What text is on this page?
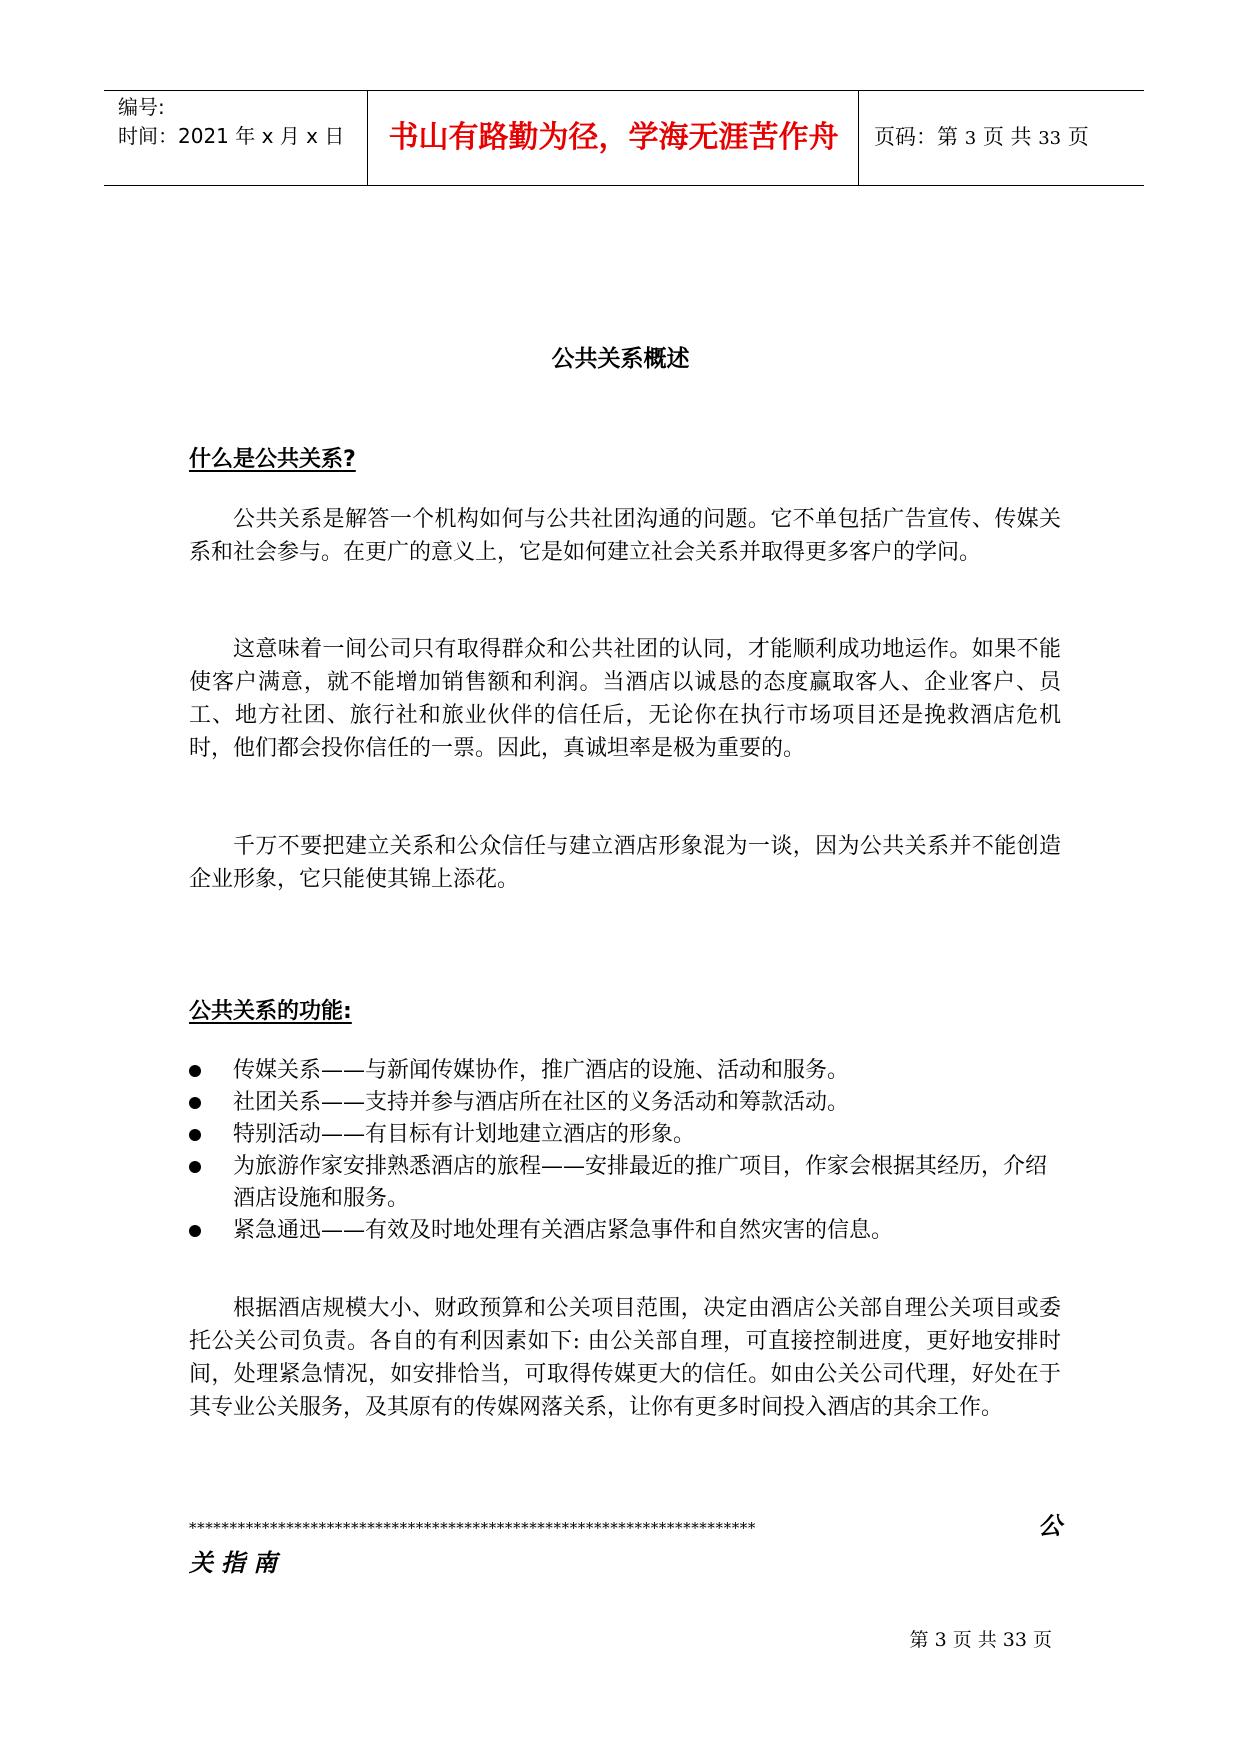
编号:
时间：2021 年 x 月 x 日	书山有路勤为径，学海无涯苦作舟	页码：第 3 页 共 33 页
公共关系概述
什么是公共关系?

公共关系是解答一个机构如何与公共社团沟通的问题。它不单包括广告宣传、传媒关系和社会参与。在更广的意义上，它是如何建立社会关系并取得更多客户的学问。

这意味着一间公司只有取得群众和公共社团的认同，才能顺利成功地运作。如果不能使客户满意，就不能增加销售额和利润。当酒店以诚恳的态度赢取客人、企业客户、员工、地方社团、旅行社和旅业伙伴的信任后，无论你在执行市场项目还是挽救酒店危机时，他们都会投你信任的一票。因此，真诚坦率是极为重要的。

千万不要把建立关系和公众信任与建立酒店形象混为一谈，因为公共关系并不能创造企业形象，它只能使其锦上添花。

公共关系的功能:
传媒关系——与新闻传媒协作，推广酒店的设施、活动和服务。
社团关系——支持并参与酒店所在社区的义务活动和筹款活动。
特别活动——有目标有计划地建立酒店的形象。
为旅游作家安排熟悉酒店的旅程——安排最近的推广项目，作家会根据其经历，介绍酒店设施和服务。
紧急通迅——有效及时地处理有关酒店紧急事件和自然灾害的信息。

根据酒店规模大小、财政预算和公关项目范围，决定由酒店公关部自理公关项目或委托公关公司负责。各自的有利因素如下: 由公关部自理，可直接控制进度，更好地安排时间，处理紧急情况，如安排恰当，可取得传媒更大的信任。如由公关公司代理，好处在于其专业公关服务，及其原有的传媒网落关系，让你有更多时间投入酒店的其余工作。

**********************************************************************	公
关指南
第 3 页 共 33 页
